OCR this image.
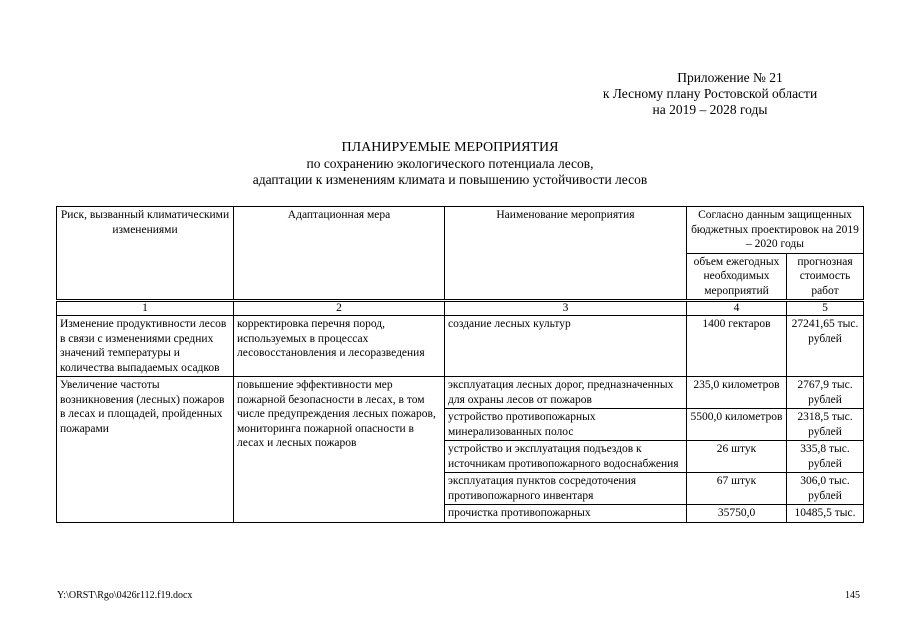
Приложение № 21
к Лесному плану Ростовской области
на 2019 – 2028 годы
ПЛАНИРУЕМЫЕ МЕРОПРИЯТИЯ
по сохранению экологического потенциала лесов,
адаптации к изменениям климата и повышению устойчивости лесов
Риск, вызванный климатическими изменениями	Адаптационная мера	Наименование мероприятия	Согласно данным защищенных бюджетных проектировок на 2019 – 2020 годы	
			объем ежегодных необходимых мероприятий	прогнозная стоимость работ
1	2	3	4	5
Изменение продуктивности лесов в связи с изменениями средних значений температуры и количества выпадаемых осадков	корректировка перечня пород, используемых в процессах лесовосстановления и лесоразведения	создание лесных культур	1400 гектаров	27241,65 тыс. рублей
Увеличение частоты возникновения (лесных) пожаров в лесах и площадей, пройденных пожарами	повышение эффективности мер пожарной безопасности в лесах, в том числе предупреждения лесных пожаров, мониторинга пожарной опасности в лесах и лесных пожаров	эксплуатация лесных дорог, предназначенных для охраны лесов от пожаров	235,0 километров	2767,9 тыс. рублей
		устройство противопожарных минерализованных полос	5500,0 километров	2318,5 тыс. рублей
		устройство и эксплуатация подъездов к источникам противопожарного водоснабжения	26 штук	335,8 тыс. рублей
		эксплуатация пунктов сосредоточения противопожарного инвентаря	67 штук	306,0 тыс. рублей
		прочистка противопожарных	35750,0	10485,5 тыс.
Y:\ORST\Rgo\0426r112.f19.docx	145
